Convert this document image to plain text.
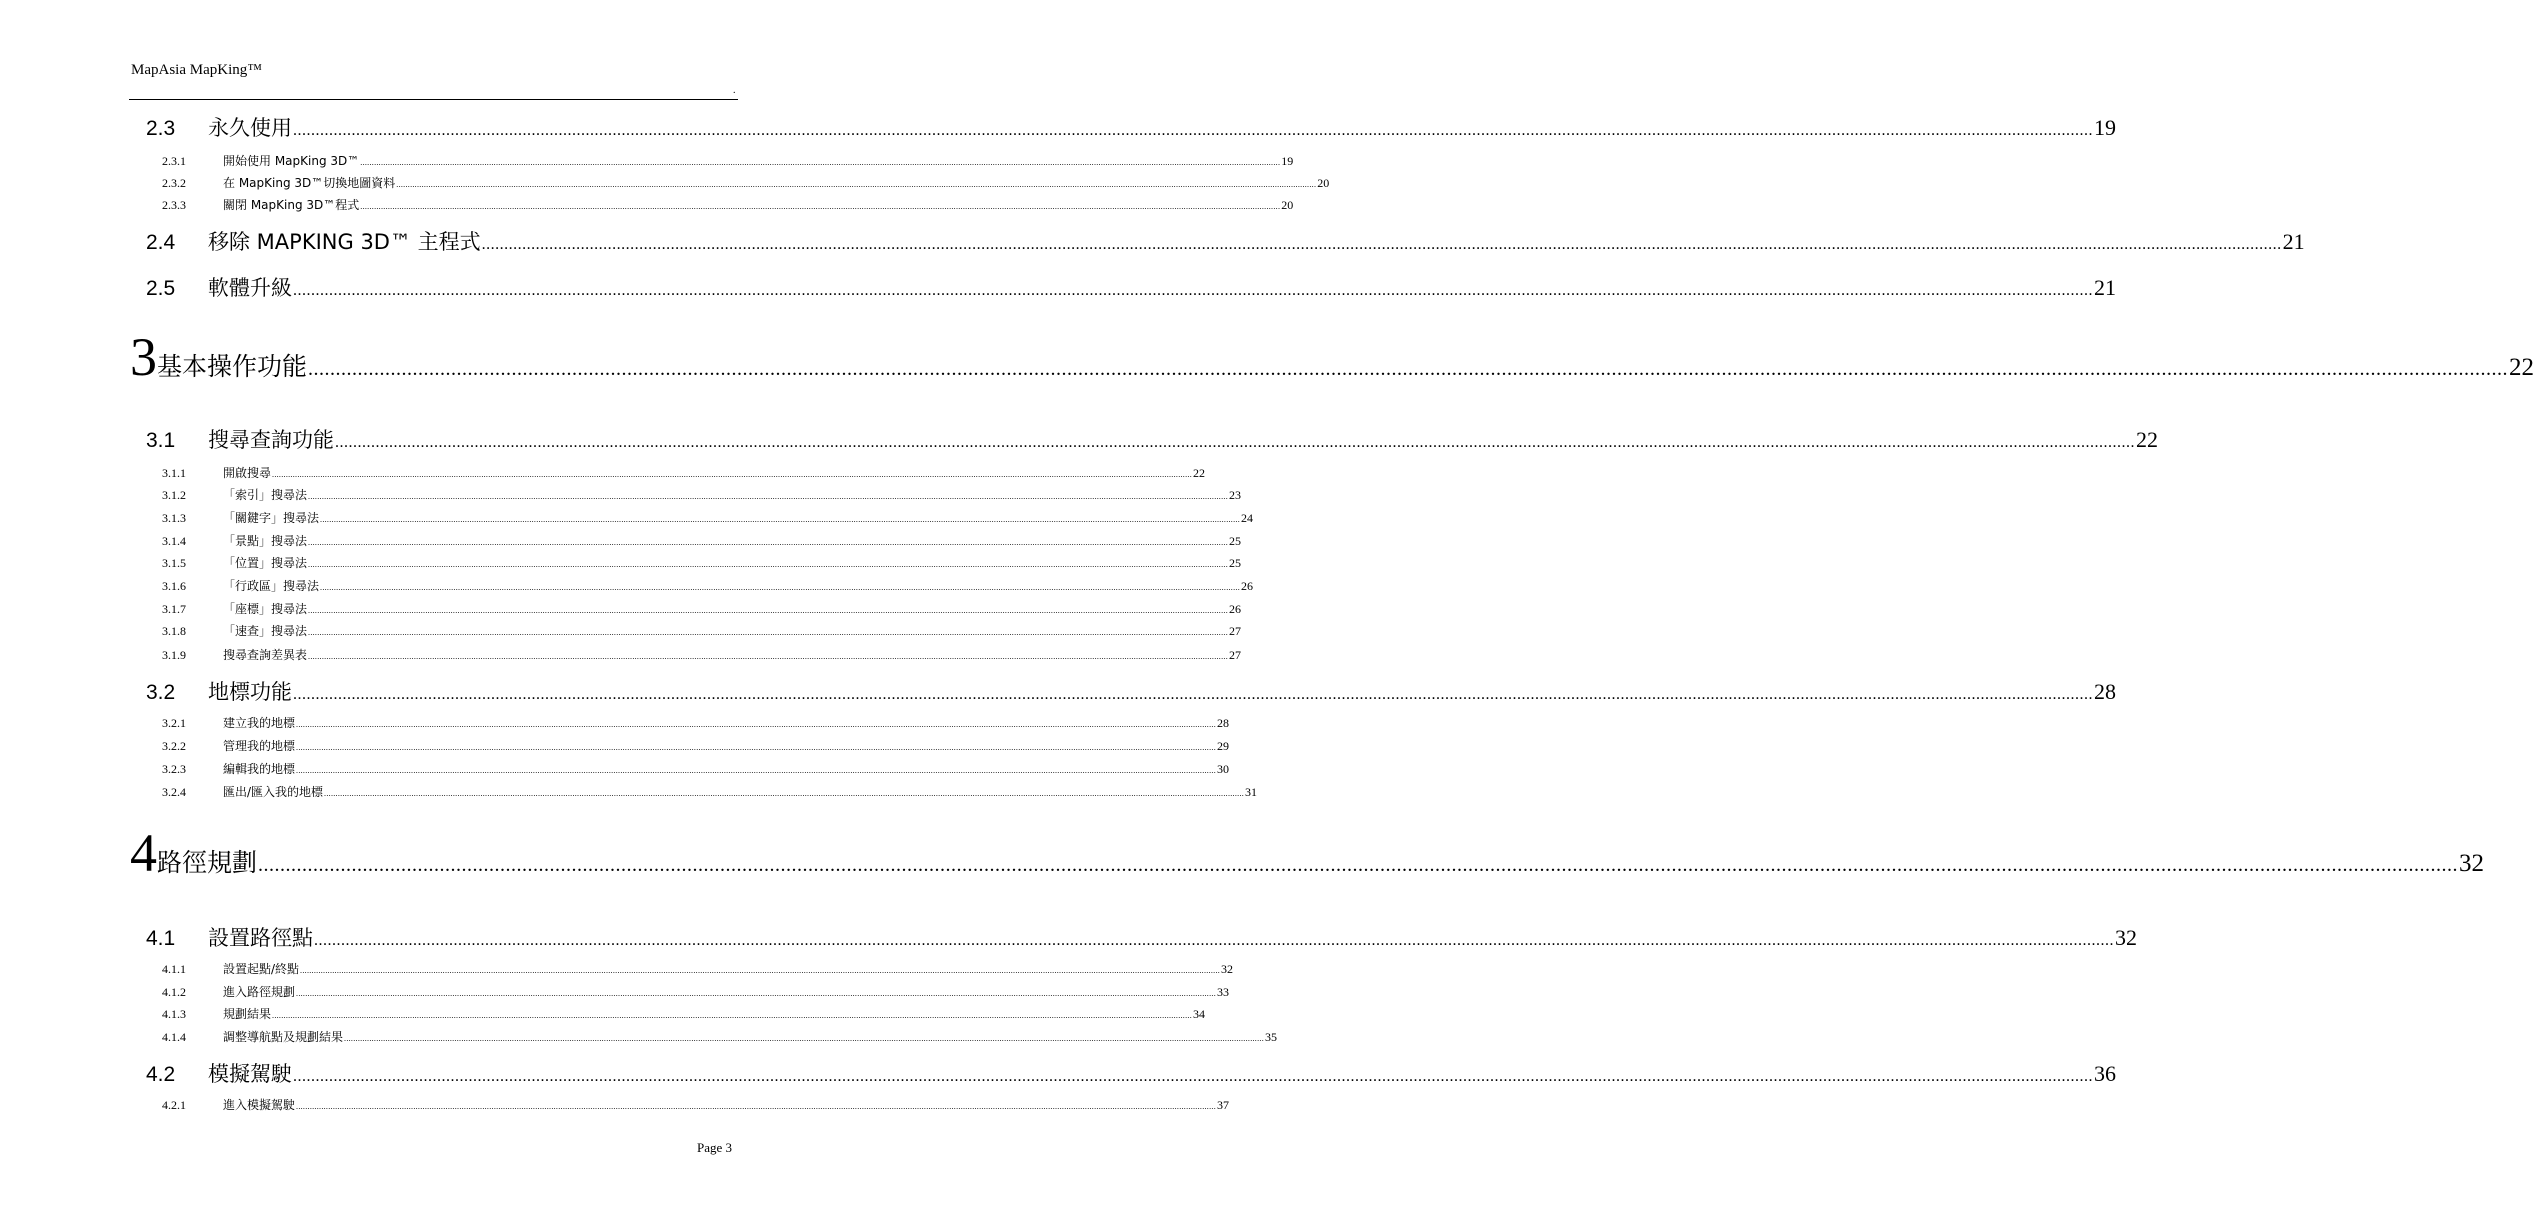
MapAsia MapKing™
.
2.3	永久使用 ................................................................................................................................................................................................................................................................................................................................................................................................................ 19
2.3.1	開始使用 MapKing 3D™ ................................................................................................................................................................................................................................................................................................................................................................................................................ 19
2.3.2	在 MapKing 3D™切換地圖資料 ................................................................................................................................................................................................................................................................................................................................................................................................................ 20
2.3.3	關閉 MapKing 3D™程式 ................................................................................................................................................................................................................................................................................................................................................................................................................ 20
2.4	移除 MAPKING 3D™ 主程式 ................................................................................................................................................................................................................................................................................................................................................................................................................ 21
2.5	軟體升級 ................................................................................................................................................................................................................................................................................................................................................................................................................ 21
3 基本操作功能 ................................................................................................................................................................................................................................................................................................................................................................................................................ 22
3.1	搜尋查詢功能 ................................................................................................................................................................................................................................................................................................................................................................................................................ 22
3.1.1	開啟搜尋 ................................................................................................................................................................................................................................................................................................................................................................................................................ 22
3.1.2	「索引」搜尋法 ................................................................................................................................................................................................................................................................................................................................................................................................................ 23
3.1.3	「關鍵字」搜尋法 ................................................................................................................................................................................................................................................................................................................................................................................................................ 24
3.1.4	「景點」搜尋法 ................................................................................................................................................................................................................................................................................................................................................................................................................ 25
3.1.5	「位置」搜尋法 ................................................................................................................................................................................................................................................................................................................................................................................................................ 25
3.1.6	「行政區」搜尋法 ................................................................................................................................................................................................................................................................................................................................................................................................................ 26
3.1.7	「座標」搜尋法 ................................................................................................................................................................................................................................................................................................................................................................................................................ 26
3.1.8	「速查」搜尋法 ................................................................................................................................................................................................................................................................................................................................................................................................................ 27
3.1.9	搜尋查詢差異表 ................................................................................................................................................................................................................................................................................................................................................................................................................ 27
3.2	地標功能 ................................................................................................................................................................................................................................................................................................................................................................................................................ 28
3.2.1	建立我的地標 ................................................................................................................................................................................................................................................................................................................................................................................................................ 28
3.2.2	管理我的地標 ................................................................................................................................................................................................................................................................................................................................................................................................................ 29
3.2.3	編輯我的地標 ................................................................................................................................................................................................................................................................................................................................................................................................................ 30
3.2.4	匯出/匯入我的地標 ................................................................................................................................................................................................................................................................................................................................................................................................................ 31
4 路徑規劃 ................................................................................................................................................................................................................................................................................................................................................................................................................ 32
4.1	設置路徑點 ................................................................................................................................................................................................................................................................................................................................................................................................................ 32
4.1.1	設置起點/終點 ................................................................................................................................................................................................................................................................................................................................................................................................................ 32
4.1.2	進入路徑規劃 ................................................................................................................................................................................................................................................................................................................................................................................................................ 33
4.1.3	規劃結果 ................................................................................................................................................................................................................................................................................................................................................................................................................ 34
4.1.4	調整導航點及規劃結果 ................................................................................................................................................................................................................................................................................................................................................................................................................ 35
4.2	模擬駕駛 ................................................................................................................................................................................................................................................................................................................................................................................................................ 36
4.2.1	進入模擬駕駛 ................................................................................................................................................................................................................................................................................................................................................................................................................ 37
Page 3
